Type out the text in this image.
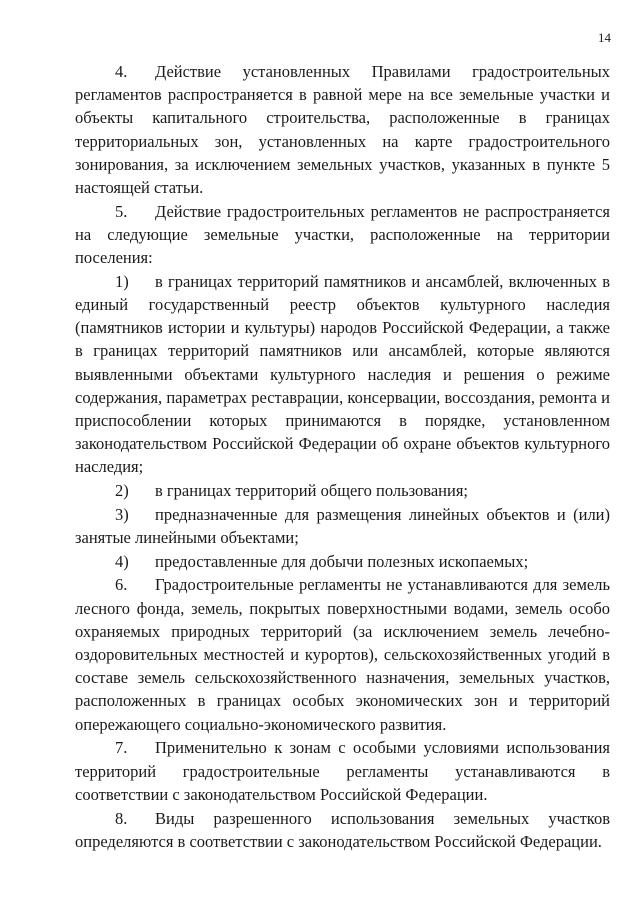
14

4. Действие установленных Правилами градостроительных регламентов распространяется в равной мере на все земельные участки и объекты капитального строительства, расположенные в границах территориальных зон, установленных на карте градостроительного зонирования, за исключением земельных участков, указанных в пункте 5 настоящей статьи.

5. Действие градостроительных регламентов не распространяется на следующие земельные участки, расположенные на территории поселения:

1) в границах территорий памятников и ансамблей, включенных в единый государственный реестр объектов культурного наследия (памятников истории и культуры) народов Российской Федерации, а также в границах территорий памятников или ансамблей, которые являются выявленными объектами культурного наследия и решения о режиме содержания, параметрах реставрации, консервации, воссоздания, ремонта и приспособлении которых принимаются в порядке, установленном законодательством Российской Федерации об охране объектов культурного наследия;

2) в границах территорий общего пользования;

3) предназначенные для размещения линейных объектов и (или) занятые линейными объектами;

4) предоставленные для добычи полезных ископаемых;

6. Градостроительные регламенты не устанавливаются для земель лесного фонда, земель, покрытых поверхностными водами, земель особо охраняемых природных территорий (за исключением земель лечебно-оздоровительных местностей и курортов), сельскохозяйственных угодий в составе земель сельскохозяйственного назначения, земельных участков, расположенных в границах особых экономических зон и территорий опережающего социально-экономического развития.

7. Применительно к зонам с особыми условиями использования территорий градостроительные регламенты устанавливаются в соответствии с законодательством Российской Федерации.

8. Виды разрешенного использования земельных участков определяются в соответствии с законодательством Российской Федерации.
